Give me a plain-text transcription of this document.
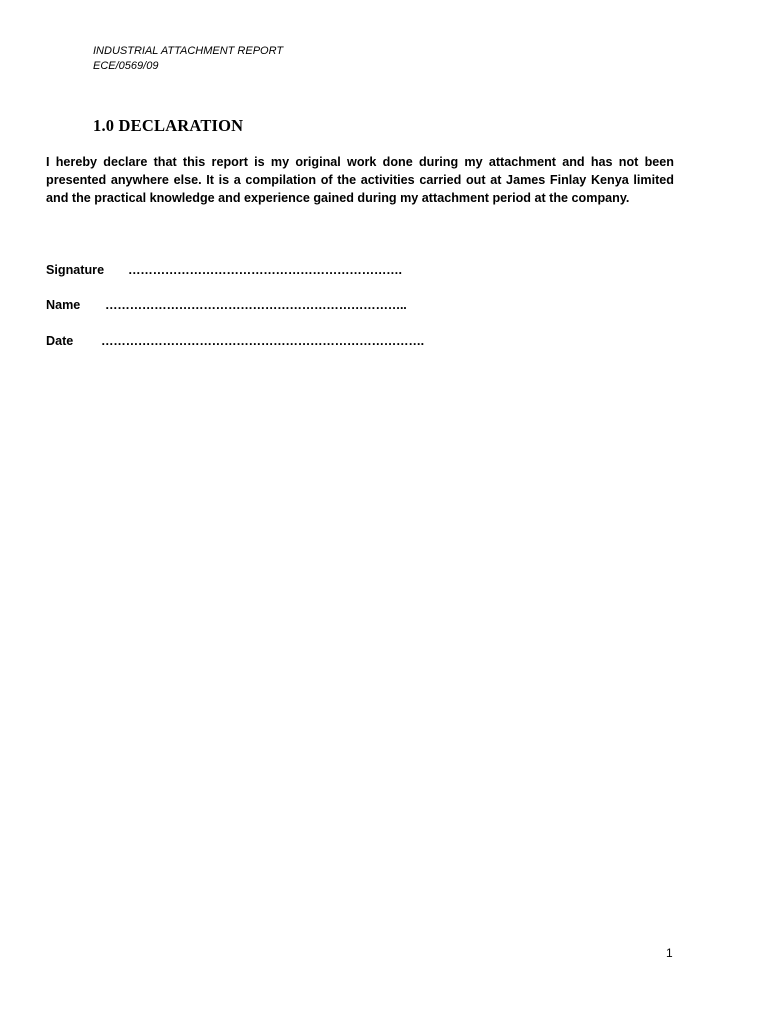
INDUSTRIAL ATTACHMENT REPORT
ECE/0569/09
1.0 DECLARATION
I hereby declare that this report is my original work done during my attachment and has not been presented anywhere else. It is a compilation of the activities carried out at James Finlay Kenya limited and the practical knowledge and experience gained during my attachment period at the company.
Signature ………………………………………………………….
Name ………………………………………………………………..
Date …………………………………………………………………….
1
